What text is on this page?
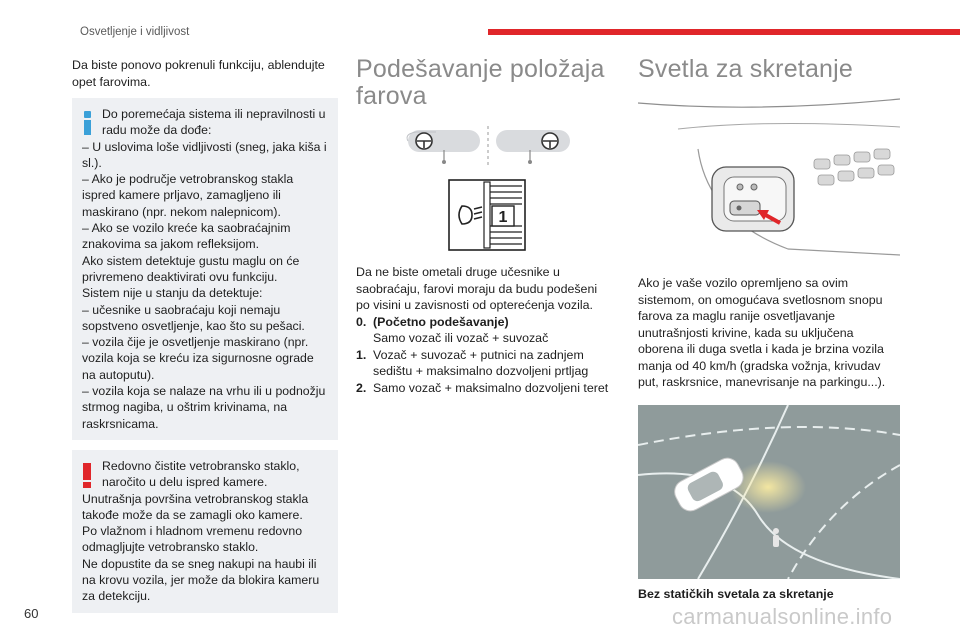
Osvetljenje i vidljivost

Da biste ponovo pokrenuli funkciju, ablendujte opet farovima.

Do poremećaja sistema ili nepravilnosti u radu može da dođe:

– U uslovima loše vidljivosti (sneg, jaka kiša i sl.).

– Ako je područje vetrobranskog stakla ispred kamere prljavo, zamagljeno ili maskirano (npr. nekom nalepnicom).

– Ako se vozilo kreće ka saobraćajnim znakovima sa jakom refleksijom.

Ako sistem detektuje gustu maglu on će privremeno deaktivirati ovu funkciju.

Sistem nije u stanju da detektuje:

– učesnike u saobraćaju koji nemaju sopstveno osvetljenje, kao što su pešaci.

– vozila čije je osvetljenje maskirano (npr. vozila koja se kreću iza sigurnosne ograde na autoputu).

– vozila koja se nalaze na vrhu ili u podnožju strmog nagiba, u oštrim krivinama, na raskrsnicama.

Redovno čistite vetrobransko staklo, naročito u delu ispred kamere.

Unutrašnja površina vetrobranskog stakla takođe može da se zamagli oko kamere.

Po vlažnom i hladnom vremenu redovno odmagljujte vetrobransko staklo.

Ne dopustite da se sneg nakupi na haubi ili na krovu vozila, jer može da blokira kameru za detekciju.

Podešavanje položaja farova
1

Da ne biste ometali druge učesnike u saobraćaju, farovi moraju da budu podešeni po visini u zavisnosti od opterećenja vozila.

0. (Početno podešavanje)
Samo vozač ili vozač + suvozač
1. Vozač + suvozač + putnici na zadnjem sedištu + maksimalno dozvoljeni prtljag
2. Samo vozač + maksimalno dozvoljeni teret
Svetla za skretanje

Ako je vaše vozilo opremljeno sa ovim sistemom, on omogućava svetlosnom snopu farova za maglu ranije osvetljavanje unutrašnjosti krivine, kada su uključena oborena ili duga svetla i kada je brzina vozila manja od 40 km/h (gradska vožnja, krivudav put, raskrsnice, manevrisanje na parkingu...).

Bez statičkih svetala za skretanje

60	carmanualsonline.info
